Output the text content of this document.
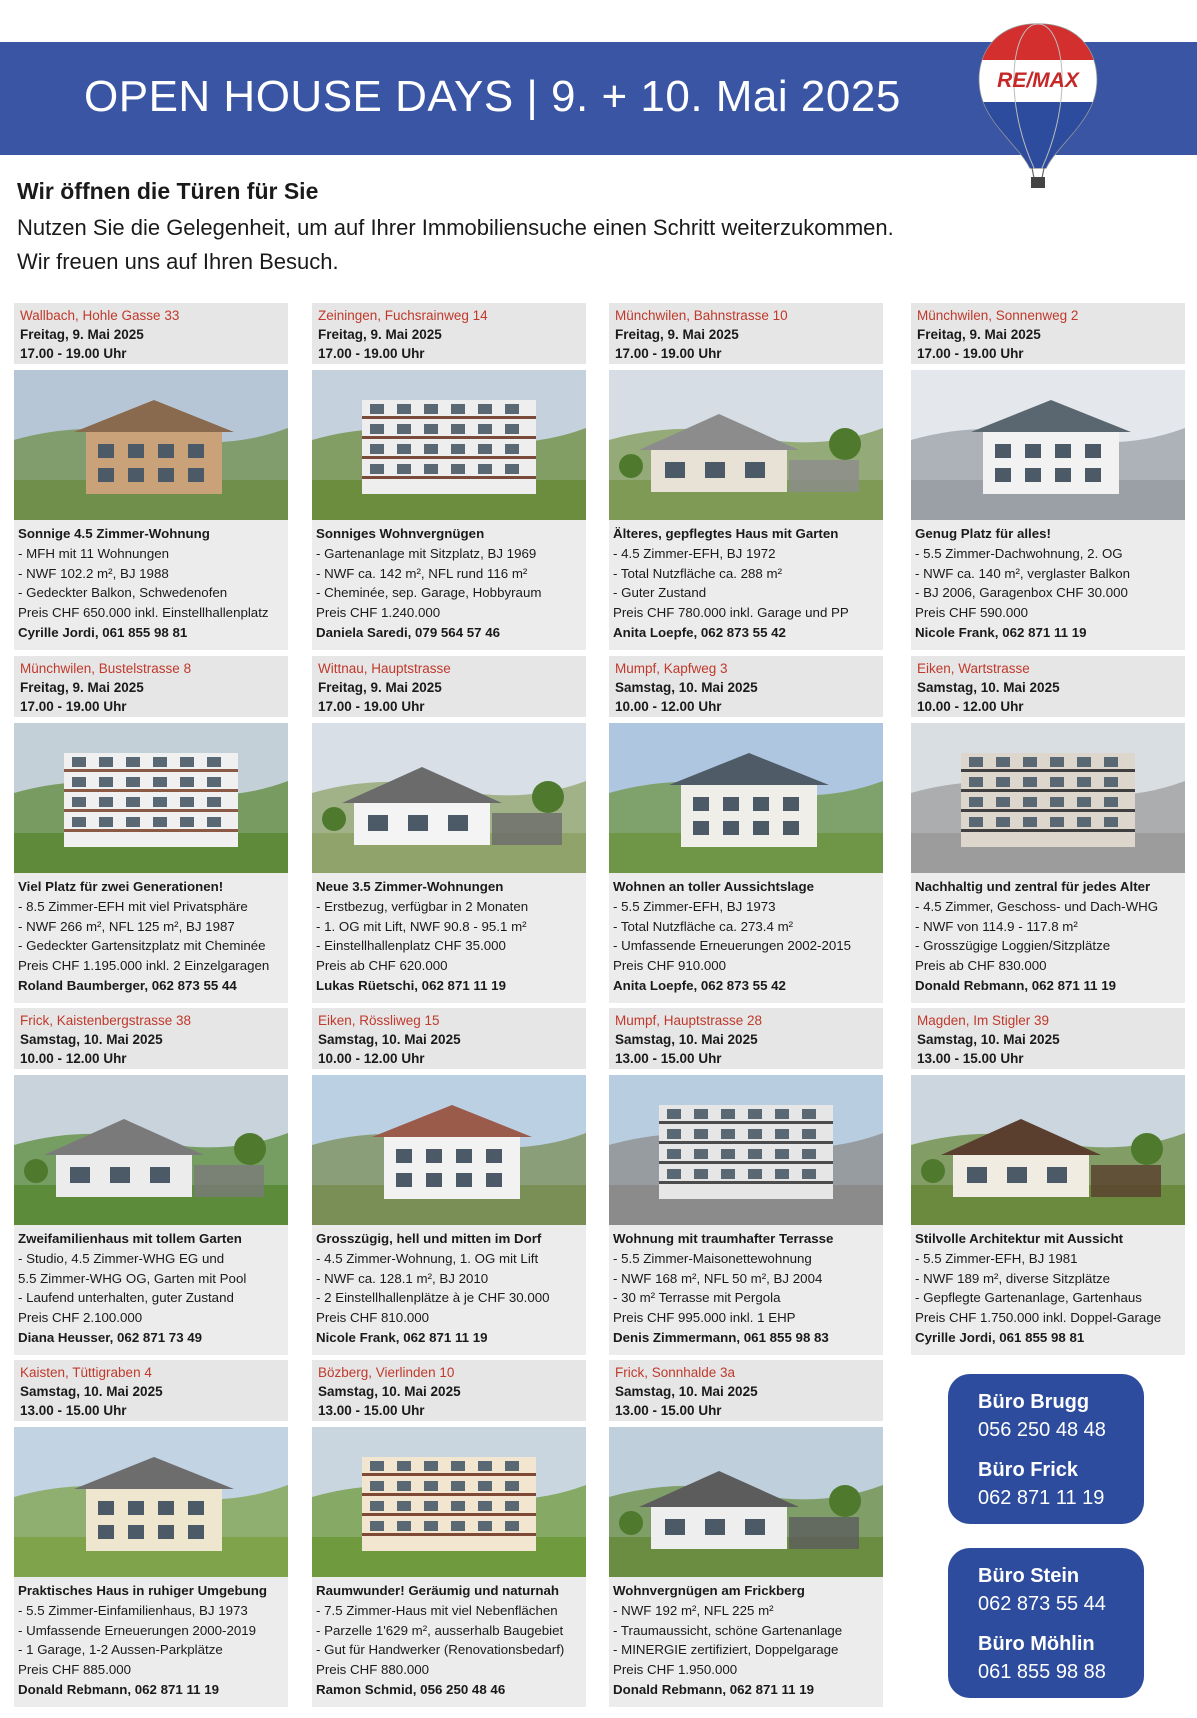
OPEN HOUSE DAYS | 9. + 10. Mai 2025	RE/MAX
Wir öffnen die Türen für Sie
Nutzen Sie die Gelegenheit, um auf Ihrer Immobiliensuche einen Schritt weiterzukommen.
Wir freuen uns auf Ihren Besuch.
Wallbach, Hohle Gasse 33
Freitag, 9. Mai 2025
17.00 - 19.00 Uhr
Sonnige 4.5 Zimmer-Wohnung
- MFH mit 11 Wohnungen
- NWF 102.2 m², BJ 1988
- Gedeckter Balkon, Schwedenofen
Preis CHF 650.000 inkl. Einstellhallenplatz
Cyrille Jordi, 061 855 98 81
Zeiningen, Fuchsrainweg 14
Freitag, 9. Mai 2025
17.00 - 19.00 Uhr
Sonniges Wohnvergnügen
- Gartenanlage mit Sitzplatz, BJ 1969
- NWF ca. 142 m², NFL rund 116 m²
- Cheminée, sep. Garage, Hobbyraum
Preis CHF 1.240.000
Daniela Saredi, 079 564 57 46
Münchwilen, Bahnstrasse 10
Freitag, 9. Mai 2025
17.00 - 19.00 Uhr
Älteres, gepflegtes Haus mit Garten
- 4.5 Zimmer-EFH, BJ 1972
- Total Nutzfläche ca. 288 m²
- Guter Zustand
Preis CHF 780.000 inkl. Garage und PP
Anita Loepfe, 062 873 55 42
Münchwilen, Sonnenweg 2
Freitag, 9. Mai 2025
17.00 - 19.00 Uhr
Genug Platz für alles!
- 5.5 Zimmer-Dachwohnung, 2. OG
- NWF ca. 140 m², verglaster Balkon
- BJ 2006, Garagenbox CHF 30.000
Preis CHF 590.000
Nicole Frank, 062 871 11 19
Münchwilen, Bustelstrasse 8
Freitag, 9. Mai 2025
17.00 - 19.00 Uhr
Viel Platz für zwei Generationen!
- 8.5 Zimmer-EFH mit viel Privatsphäre
- NWF 266 m², NFL 125 m², BJ 1987
- Gedeckter Gartensitzplatz mit Cheminée
Preis CHF 1.195.000 inkl. 2 Einzelgaragen
Roland Baumberger, 062 873 55 44
Wittnau, Hauptstrasse
Freitag, 9. Mai 2025
17.00 - 19.00 Uhr
Neue 3.5 Zimmer-Wohnungen
- Erstbezug, verfügbar in 2 Monaten
- 1. OG mit Lift, NWF 90.8 - 95.1 m²
- Einstellhallenplatz CHF 35.000
Preis ab CHF 620.000
Lukas Rüetschi, 062 871 11 19
Mumpf, Kapfweg 3
Samstag, 10. Mai 2025
10.00 - 12.00 Uhr
Wohnen an toller Aussichtslage
- 5.5 Zimmer-EFH, BJ 1973
- Total Nutzfläche ca. 273.4 m²
- Umfassende Erneuerungen 2002-2015
Preis CHF 910.000
Anita Loepfe, 062 873 55 42
Eiken, Wartstrasse
Samstag, 10. Mai 2025
10.00 - 12.00 Uhr
Nachhaltig und zentral für jedes Alter
- 4.5 Zimmer, Geschoss- und Dach-WHG
- NWF von 114.9 - 117.8 m²
- Grosszügige Loggien/Sitzplätze
Preis ab CHF 830.000
Donald Rebmann, 062 871 11 19
Frick, Kaistenbergstrasse 38
Samstag, 10. Mai 2025
10.00 - 12.00 Uhr
Zweifamilienhaus mit tollem Garten
- Studio, 4.5 Zimmer-WHG EG und
5.5 Zimmer-WHG OG, Garten mit Pool
- Laufend unterhalten, guter Zustand
Preis CHF 2.100.000
Diana Heusser, 062 871 73 49
Eiken, Rössliweg 15
Samstag, 10. Mai 2025
10.00 - 12.00 Uhr
Grosszügig, hell und mitten im Dorf
- 4.5 Zimmer-Wohnung, 1. OG mit Lift
- NWF ca. 128.1 m², BJ 2010
- 2 Einstellhallenplätze à je CHF 30.000
Preis CHF 810.000
Nicole Frank, 062 871 11 19
Mumpf, Hauptstrasse 28
Samstag, 10. Mai 2025
13.00 - 15.00 Uhr
Wohnung mit traumhafter Terrasse
- 5.5 Zimmer-Maisonettewohnung
- NWF 168 m², NFL 50 m², BJ 2004
- 30 m² Terrasse mit Pergola
Preis CHF 995.000 inkl. 1 EHP
Denis Zimmermann, 061 855 98 83
Magden, Im Stigler 39
Samstag, 10. Mai 2025
13.00 - 15.00 Uhr
Stilvolle Architektur mit Aussicht
- 5.5 Zimmer-EFH, BJ 1981
- NWF 189 m², diverse Sitzplätze
- Gepflegte Gartenanlage, Gartenhaus
Preis CHF 1.750.000 inkl. Doppel-Garage
Cyrille Jordi, 061 855 98 81
Kaisten, Tüttigraben 4
Samstag, 10. Mai 2025
13.00 - 15.00 Uhr
Praktisches Haus in ruhiger Umgebung
- 5.5 Zimmer-Einfamilienhaus, BJ 1973
- Umfassende Erneuerungen 2000-2019
- 1 Garage, 1-2 Aussen-Parkplätze
Preis CHF 885.000
Donald Rebmann, 062 871 11 19
Bözberg, Vierlinden 10
Samstag, 10. Mai 2025
13.00 - 15.00 Uhr
Raumwunder! Geräumig und naturnah
- 7.5 Zimmer-Haus mit viel Nebenflächen
- Parzelle 1'629 m², ausserhalb Baugebiet
- Gut für Handwerker (Renovationsbedarf)
Preis CHF 880.000
Ramon Schmid, 056 250 48 46
Frick, Sonnhalde 3a
Samstag, 10. Mai 2025
13.00 - 15.00 Uhr
Wohnvergnügen am Frickberg
- NWF 192 m², NFL 225 m²
- Traumaussicht, schöne Gartenanlage
- MINERGIE zertifiziert, Doppelgarage
Preis CHF 1.950.000
Donald Rebmann, 062 871 11 19
Büro Brugg
056 250 48 48
Büro Frick
062 871 11 19
Büro Stein
062 873 55 44
Büro Möhlin
061 855 98 88
